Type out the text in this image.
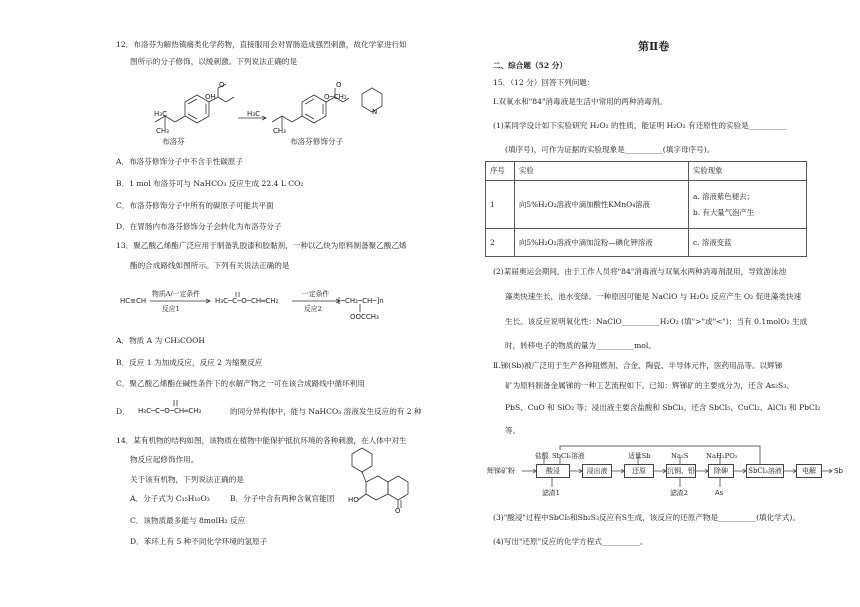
12．布洛芬为解热镇痛类化学药物，直接服用会对胃肠造成强烈刺激，故化学家进行如
图所示的分子修饰，以缓刺激。下列说法正确的是
H₃C
CH₃
OH
O
布洛芬
H₃C
CH₃
O
O─CH₂
N
布洛芬修饰分子
A．布洛芬修饰分子中不含手性碳原子
B．1 mol 布洛芬可与 NaHCO₃ 反应生成 22.4 L CO₂
C．布洛芬修饰分子中所有的碳原子可能共平面
D．在胃肠内布洛芬修饰分子会转化为布洛芬分子
13．聚乙酸乙烯酯广泛应用于制备乳胶漆和胶黏剂，一种以乙炔为原料制备聚乙酸乙烯
酯的合成路线如图所示。下列有关说法正确的是
HC≡CH
物质A/一定条件
反应1
H₃C─C─O─CH═CH₂
一定条件
反应2
[─CH₂─CH─]n
OOCCH₃
A．物质 A 为 CH₃COOH
B．反应 1 为加成反应，反应 2 为缩聚反应
C．聚乙酸乙烯酯在碱性条件下的水解产物之一可在该合成路线中循环利用
D． H₃C─C─O─CH═CH₂	的同分异构体中，能与 NaHCO₃ 溶液发生反应的有 2 种
14．某有机物的结构如图，该物质在植物中能保护抵抗环境的各种刺激，在人体中对生
物反应起修饰作用。
关于该有机物，下列说法正确的是
HO
O
A．分子式为 C₁₅H₁₀O₃	B．分子中含有两种含氧官能团
C．该物质最多能与 8molH₂ 反应
D．苯环上有 5 种不同化学环境的氢原子
第Ⅱ卷
二、综合题（52 分）
15．（12 分）回答下列问题：
Ⅰ.双氧水和"84"消毒液是生活中常用的两种消毒剂。
(1)某同学设计如下实验研究 H₂O₂ 的性质，能证明 H₂O₂ 有还原性的实验是__________
(填序号)，可作为证据的实验现象是__________(填字母序号)。
序号	实验	实验现象
1	向5%H₂O₂溶液中滴加酸性KMnO₄溶液	a. 溶液紫色褪去；
b. 有大量气泡产生

2	向5%H₂O₂溶液中滴加淀粉—碘化钾溶液	c. 溶液变蓝
(2)某届奥运会期间，由于工作人员将"84"消毒液与双氧水两种消毒剂混用，导致游泳池
藻类快速生长，池水变绿。一种原因可能是 NaClO 与 H₂O₂ 反应产生 O₂ 促进藻类快速
生长。该反应说明氧化性：NaClO__________H₂O₂ (填">"或"<")；当有 0.1molO₂ 生成
时，转移电子的物质的量为__________mol。
Ⅱ.锑(Sb)被广泛用于生产各种阻燃剂、合金、陶瓷、半导体元件，医药用品等。以辉锑
矿为原料制备金属锑的一种工艺流程如下。已知：辉锑矿的主要成分为，还含 As₂S₃、
PbS、CuO 和 SiO₂ 等；浸出液主要含盐酸和 SbCl₃，还含 SbCl₅、CuCl₂、AlCl₃ 和 PbCl₂
等。
辉锑矿粉
盐酸 SbCl₅溶液	适量Sb	Na₂S	NaH₂PO₂
酸浸	浸出液	还原	沉铜、铅	除砷	SbCl₃溶液	电解	Sb
滤渣1	滤渣2	As
(3)"酸浸"过程中SbCl₅和Sb₂S₃反应有S生成，该反应的还原产物是__________(填化学式)。
(4)写出"还原"反应的化学方程式__________。
